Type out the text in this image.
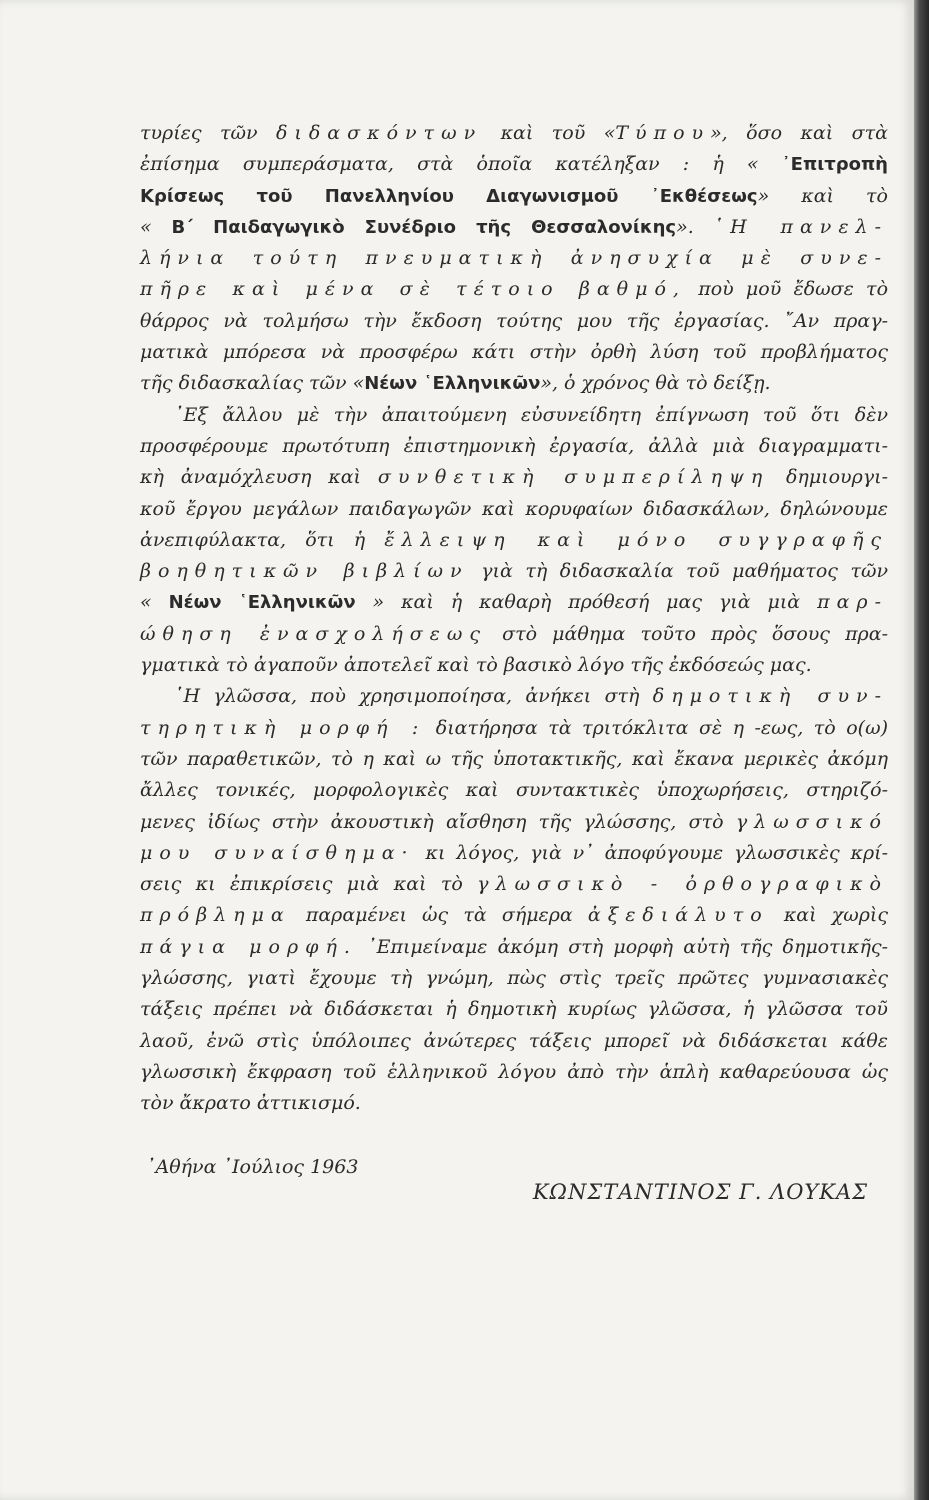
τυρίες τῶν διδασκόντων καὶ τοῦ «Τύπου», ὅσο καὶ στὰ

ἐπίσημα συμπεράσματα, στὰ ὁποῖα κατέληξαν : ἡ « ᾿Επιτροπὴ

Κρίσεως τοῦ Πανελληνίου Διαγωνισμοῦ ᾿Εκθέσεως» καὶ τὸ

« Β΄ Παιδαγωγικὸ Συνέδριο τῆς Θεσσαλονίκης». ῾Η πανελ-

λήνια τούτη πνευματικὴ ἀνησυχία μὲ συνε-

πῆρε καὶ μένα σὲ τέτοιο βαθμό, ποὺ μοῦ ἔδωσε τὸ

θάρρος νὰ τολμήσω τὴν ἔκδοση τούτης μου τῆς ἐργασίας. ῎Αν πραγ-

ματικὰ μπόρεσα νὰ προσφέρω κάτι στὴν ὀρθὴ λύση τοῦ προβλήματος

τῆς διδασκαλίας τῶν «Νέων ῾Ελληνικῶν», ὁ χρόνος θὰ τὸ δείξῃ.

᾿Εξ ἄλλου μὲ τὴν ἀπαιτούμενη εὐσυνείδητη ἐπίγνωση τοῦ ὅτι δὲν

προσφέρουμε πρωτότυπη ἐπιστημονικὴ ἐργασία, ἀλλὰ μιὰ διαγραμματι-

κὴ ἀναμόχλευση καὶ συνθετικὴ συμπερίληψη δημιουργι-

κοῦ ἔργου μεγάλων παιδαγωγῶν καὶ κορυφαίων διδασκάλων, δηλώνουμε

ἀνεπιφύλακτα, ὅτι ἡ ἔλλειψη καὶ μόνο συγγραφῆς

βοηθητικῶν βιβλίων γιὰ τὴ διδασκαλία τοῦ μαθήματος τῶν

« Νέων ῾Ελληνικῶν » καὶ ἡ καθαρὴ πρόθεσή μας γιὰ μιὰ παρ-

ώθηση ἐνασχολήσεως στὸ μάθημα τοῦτο πρὸς ὅσους πρα-

γματικὰ τὸ ἀγαποῦν ἀποτελεῖ καὶ τὸ βασικὸ λόγο τῆς ἐκδόσεώς μας.

῾Η γλῶσσα, ποὺ χρησιμοποίησα, ἀνήκει στὴ δημοτικὴ συν-

τηρητικὴ μορφή : διατήρησα τὰ τριτόκλιτα σὲ η -εως, τὸ ο(ω)

τῶν παραθετικῶν, τὸ η καὶ ω τῆς ὑποτακτικῆς, καὶ ἔκανα μερικὲς ἀκόμη

ἄλλες τονικές, μορφολογικὲς καὶ συντακτικὲς ὑποχωρήσεις, στηριζό-

μενες ἰδίως στὴν ἀκουστικὴ αἴσθηση τῆς γλώσσης, στὸ γλωσσικό

μου συναίσθημα· κι λόγος, γιὰ ν᾿ ἀποφύγουμε γλωσσικὲς κρί-

σεις κι ἐπικρίσεις μιὰ καὶ τὸ γλωσσικὸ - ὀρθογραφικὸ

πρόβλημα παραμένει ὡς τὰ σήμερα ἀξεδιάλυτο καὶ χωρὶς

πάγια μορφή. ᾿Επιμείναμε ἀκόμη στὴ μορφὴ αὐτὴ τῆς δημοτικῆς-

γλώσσης, γιατὶ ἔχουμε τὴ γνώμη, πὼς στὶς τρεῖς πρῶτες γυμνασιακὲς

τάξεις πρέπει νὰ διδάσκεται ἡ δημοτικὴ κυρίως γλῶσσα, ἡ γλῶσσα τοῦ

λαοῦ, ἐνῶ στὶς ὑπόλοιπες ἀνώτερες τάξεις μπορεῖ νὰ διδάσκεται κάθε

γλωσσικὴ ἔκφραση τοῦ ἑλληνικοῦ λόγου ἀπὸ τὴν ἁπλὴ καθαρεύουσα ὡς

τὸν ἄκρατο ἀττικισμό.

᾿Αθήνα ᾿Ιούλιος 1963
ΚΩΝΣΤΑΝΤΙΝΟΣ Γ. ΛΟΥΚΑΣ
